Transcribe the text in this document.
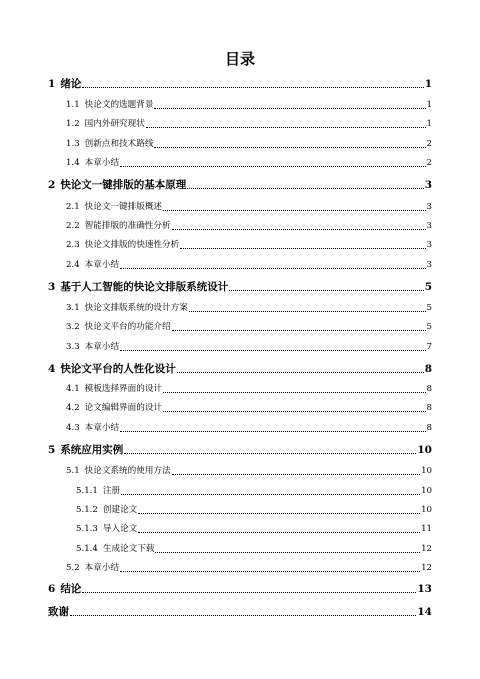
目录
1 绪论	1
1.1 快论文的选题背景	1
1.2 国内外研究现状	1
1.3 创新点和技术路线	2
1.4 本章小结	2
2 快论文一键排版的基本原理	3
2.1 快论文一键排版概述	3
2.2 智能排版的准确性分析	3
2.3 快论文排版的快速性分析	3
2.4 本章小结	3
3 基于人工智能的快论文排版系统设计	5
3.1 快论文排版系统的设计方案	5
3.2 快论文平台的功能介绍	5
3.3 本章小结	7
4 快论文平台的人性化设计	8
4.1 模板选择界面的设计	8
4.2 论文编辑界面的设计	8
4.3 本章小结	8
5 系统应用实例	10
5.1 快论文系统的使用方法	10
5.1.1 注册	10
5.1.2 创建论文	10
5.1.3 导入论文	11
5.1.4 生成论文下载	12
5.2 本章小结	12
6 结论	13
致谢	14
